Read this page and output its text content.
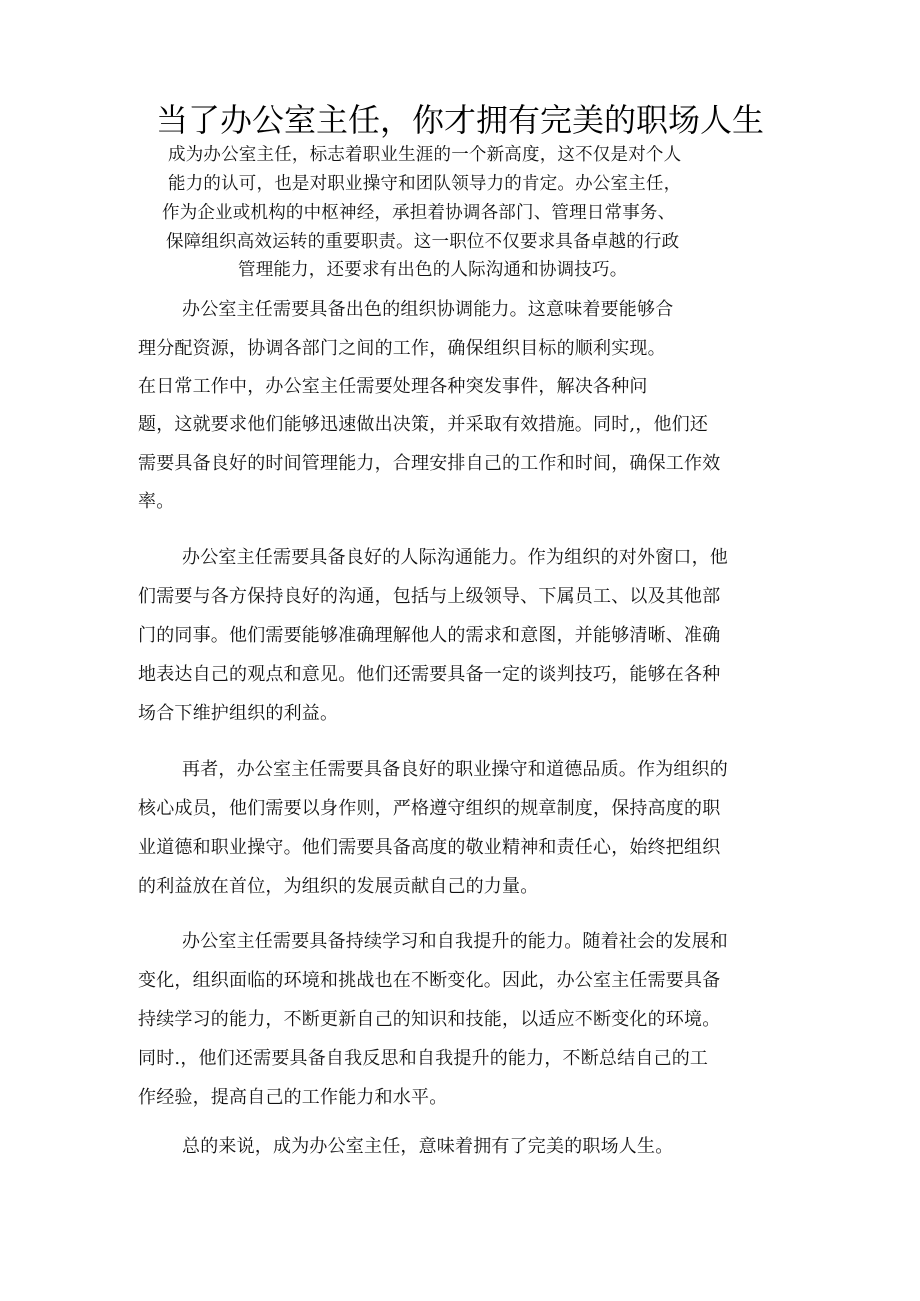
当了办公室主任，你才拥有完美的职场人生
成为办公室主任，标志着职业生涯的一个新高度，这不仅是对个人
能力的认可，也是对职业操守和团队领导力的肯定。办公室主任，
作为企业或机构的中枢神经，承担着协调各部门、管理日常事务、
保障组织高效运转的重要职责。这一职位不仅要求具备卓越的行政
管理能力，还要求有出色的人际沟通和协调技巧。
办公室主任需要具备出色的组织协调能力。这意味着要能够合
理分配资源，协调各部门之间的工作，确保组织目标的顺利实现。
在日常工作中，办公室主任需要处理各种突发事件，解决各种问
题，这就要求他们能够迅速做出决策，并采取有效措施。同时,，他们还
需要具备良好的时间管理能力，合理安排自己的工作和时间，确保工作效
率。
办公室主任需要具备良好的人际沟通能力。作为组织的对外窗口，他
们需要与各方保持良好的沟通，包括与上级领导、下属员工、以及其他部
门的同事。他们需要能够准确理解他人的需求和意图，并能够清晰、准确
地表达自己的观点和意见。他们还需要具备一定的谈判技巧，能够在各种
场合下维护组织的利益。
再者，办公室主任需要具备良好的职业操守和道德品质。作为组织的
核心成员，他们需要以身作则，严格遵守组织的规章制度，保持高度的职
业道德和职业操守。他们需要具备高度的敬业精神和责任心，始终把组织
的利益放在首位，为组织的发展贡献自己的力量。
办公室主任需要具备持续学习和自我提升的能力。随着社会的发展和
变化，组织面临的环境和挑战也在不断变化。因此，办公室主任需要具备
持续学习的能力，不断更新自己的知识和技能，以适应不断变化的环境。
同时.，他们还需要具备自我反思和自我提升的能力，不断总结自己的工
作经验，提高自己的工作能力和水平。
总的来说，成为办公室主任，意味着拥有了完美的职场人生。
